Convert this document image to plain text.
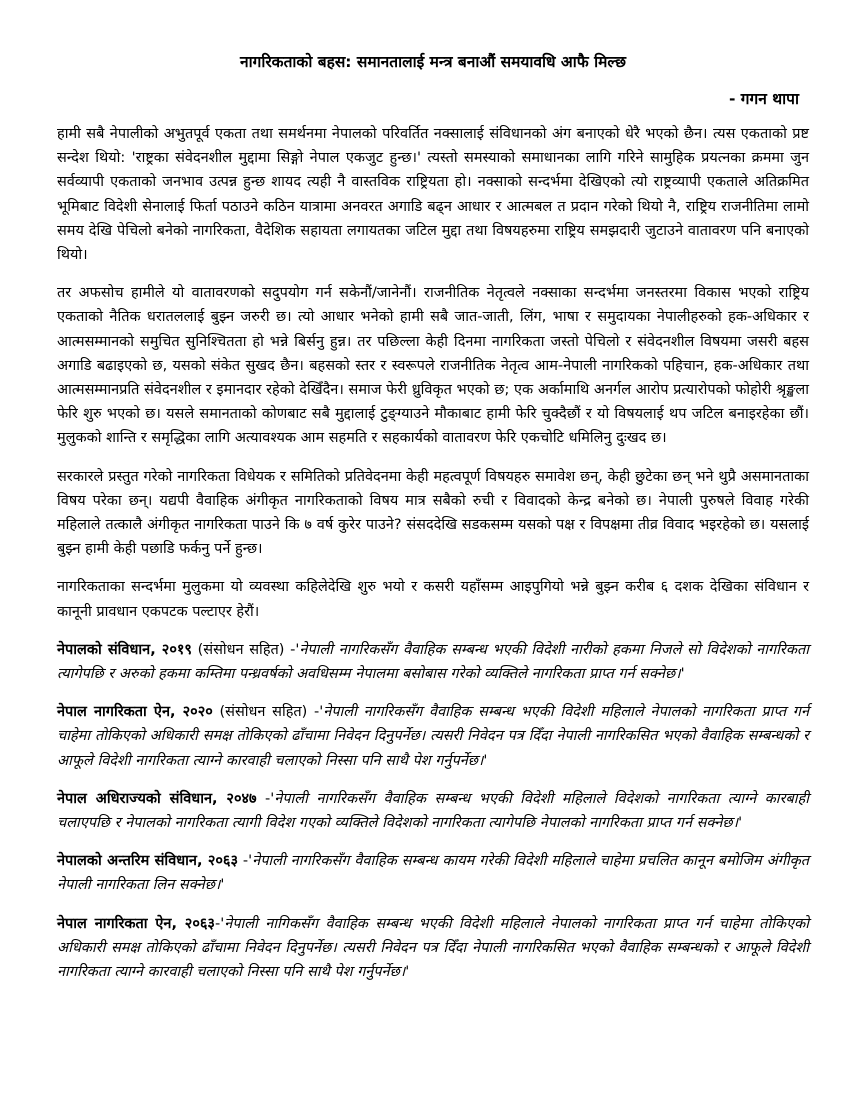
नागरिकताको बहस: समानतालाई मन्त्र बनाऔं समयावधि आफै मिल्छ
- गगन थापा

हामी सबै नेपालीको अभुतपूर्व एकता तथा समर्थनमा नेपालको परिवर्तित नक्सालाई संविधानको अंग बनाएको धेरै भएको छैन। त्यस एकताको प्रष्ट सन्देश थियो: 'राष्ट्रका संवेदनशील मुद्दामा सिङ्गो नेपाल एकजुट हुन्छ।' त्यस्तो समस्याको समाधानका लागि गरिने सामुहिक प्रयत्नका क्रममा जुन सर्वव्यापी एकताको जनभाव उत्पन्न हुन्छ शायद त्यही नै वास्तविक राष्ट्रियता हो। नक्साको सन्दर्भमा देखिएको त्यो राष्ट्रव्यापी एकताले अतिक्रमित भूमिबाट विदेशी सेनालाई फिर्ता पठाउने कठिन यात्रामा अनवरत अगाडि बढ्न आधार र आत्मबल त प्रदान गरेको थियो नै, राष्ट्रिय राजनीतिमा लामो समय देखि पेचिलो बनेको नागरिकता, वैदेशिक सहायता लगायतका जटिल मुद्दा तथा विषयहरुमा राष्ट्रिय समझदारी जुटाउने वातावरण पनि बनाएको थियो।

तर अफसोच हामीले यो वातावरणको सदुपयोग गर्न सकेनौं/जानेनौं। राजनीतिक नेतृत्वले नक्साका सन्दर्भमा जनस्तरमा विकास भएको राष्ट्रिय एकताको नैतिक धरातललाई बुझ्न जरुरी छ। त्यो आधार भनेको हामी सबै जात-जाती, लिंग, भाषा र समुदायका नेपालीहरुको हक-अधिकार र आत्मसम्मानको समुचित सुनिश्चितता हो भन्ने बिर्सनु हुन्न। तर पछिल्ला केही दिनमा नागरिकता जस्तो पेचिलो र संवेदनशील विषयमा जसरी बहस अगाडि बढाइएको छ, यसको संकेत सुखद छैन। बहसको स्तर र स्वरूपले राजनीतिक नेतृत्व आम-नेपाली नागरिकको पहिचान, हक-अधिकार तथा आत्मसम्मानप्रति संवेदनशील र इमानदार रहेको देखिँदैन। समाज फेरी ध्रुविकृत भएको छ; एक अर्कामाथि अनर्गल आरोप प्रत्यारोपको फोहोरी श्रृङ्खला फेरि शुरु भएको छ। यसले समानताको कोणबाट सबै मुद्दालाई टुङ्ग्याउने मौकाबाट हामी फेरि चुक्दैछौं र यो विषयलाई थप जटिल बनाइरहेका छौं। मुलुकको शान्ति र समृद्धिका लागि अत्यावश्यक आम सहमति र सहकार्यको वातावरण फेरि एकचोटि धमिलिनु दुःखद छ।

सरकारले प्रस्तुत गरेको नागरिकता विधेयक र समितिको प्रतिवेदनमा केही महत्वपूर्ण विषयहरु समावेश छन्, केही छुटेका छन् भने थुप्रै असमानताका विषय परेका छन्। यद्यपी वैवाहिक अंगीकृत नागरिकताको विषय मात्र सबैको रुची र विवादको केन्द्र बनेको छ। नेपाली पुरुषले विवाह गरेकी महिलाले तत्कालै अंगीकृत नागरिकता पाउने कि ७ वर्ष कुरेर पाउने? संसददेखि सडकसम्म यसको पक्ष र विपक्षमा तीव्र विवाद भइरहेको छ। यसलाई बुझ्न हामी केही पछाडि फर्कनु पर्ने हुन्छ।

नागरिकताका सन्दर्भमा मुलुकमा यो व्यवस्था कहिलेदेखि शुरु भयो र कसरी यहाँसम्म आइपुगियो भन्ने बुझ्न करीब ६ दशक देखिका संविधान र कानूनी प्रावधान एकपटक पल्टाएर हेरौं।

नेपालको संविधान, २०१९ (संसोधन सहित) -'नेपाली नागरिकसँग वैवाहिक सम्बन्ध भएकी विदेशी नारीको हकमा निजले सो विदेशको नागरिकता त्यागेपछि र अरुको हकमा कम्तिमा पन्ध्रवर्षको अवधिसम्म नेपालमा बसोबास गरेको व्यक्तिले नागरिकता प्राप्त गर्न सक्नेछ।'

नेपाल नागरिकता ऐन, २०२० (संसोधन सहित) -'नेपाली नागरिकसँग वैवाहिक सम्बन्ध भएकी विदेशी महिलाले नेपालको नागरिकता प्राप्त गर्न चाहेमा तोकिएको अधिकारी समक्ष तोकिएको ढाँचामा निवेदन दिनुपर्नेछ। त्यसरी निवेदन पत्र दिँदा नेपाली नागरिकसित भएको वैवाहिक सम्बन्धको र आफूले विदेशी नागरिकता त्याग्ने कारवाही चलाएको निस्सा पनि साथै पेश गर्नुपर्नेछ।'

नेपाल अधिराज्यको संविधान, २०४७ -'नेपाली नागरिकसँग वैवाहिक सम्बन्ध भएकी विदेशी महिलाले विदेशको नागरिकता त्याग्ने कारबाही चलाएपछि र नेपालको नागरिकता त्यागी विदेश गएको व्यक्तिले विदेशको नागरिकता त्यागेपछि नेपालको नागरिकता प्राप्त गर्न सक्नेछ।'

नेपालको अन्तरिम संविधान, २०६३ -'नेपाली नागरिकसँग वैवाहिक सम्बन्ध कायम गरेकी विदेशी महिलाले चाहेमा प्रचलित कानून बमोजिम अंगीकृत नेपाली नागरिकता लिन सक्नेछ।'

नेपाल नागरिकता ऐन, २०६३-'नेपाली नागिकसँग वैवाहिक सम्बन्ध भएकी विदेशी महिलाले नेपालको नागरिकता प्राप्त गर्न चाहेमा तोकिएको अधिकारी समक्ष तोकिएको ढाँचामा निवेदन दिनुपर्नेछ। त्यसरी निवेदन पत्र दिँदा नेपाली नागरिकसित भएको वैवाहिक सम्बन्धको र आफूले विदेशी नागरिकता त्याग्ने कारवाही चलाएको निस्सा पनि साथै पेश गर्नुपर्नेछ।'
